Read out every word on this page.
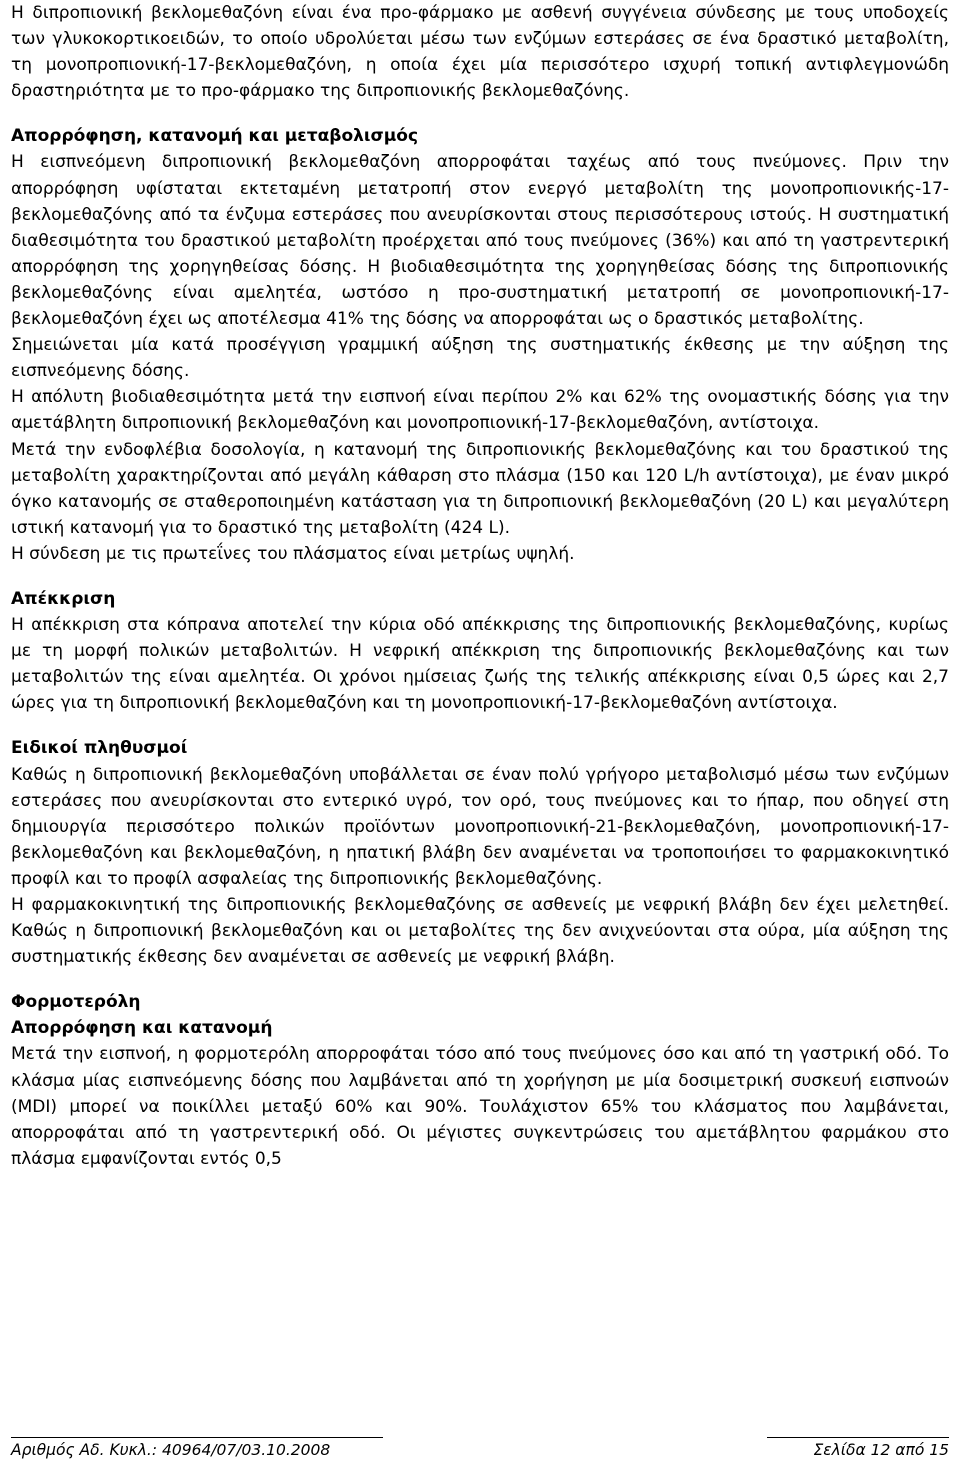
Η διπροπιονική βεκλομεθαζόνη είναι ένα προ-φάρμακο με ασθενή συγγένεια σύνδεσης με τους υποδοχείς των γλυκοκορτικοειδών, το οποίο υδρολύεται μέσω των ενζύμων εστεράσες σε ένα δραστικό μεταβολίτη, τη μονοπροπιονική-17-βεκλομεθαζόνη, η οποία έχει μία περισσότερο ισχυρή τοπική αντιφλεγμονώδη δραστηριότητα με το προ-φάρμακο της διπροπιονικής βεκλομεθαζόνης.

Απορρόφηση, κατανομή και μεταβολισμός

Η εισπνεόμενη διπροπιονική βεκλομεθαζόνη απορροφάται ταχέως από τους πνεύμονες. Πριν την απορρόφηση υφίσταται εκτεταμένη μετατροπή στον ενεργό μεταβολίτη της μονοπροπιονικής-17-βεκλομεθαζόνης από τα ένζυμα εστεράσες που ανευρίσκονται στους περισσότερους ιστούς. Η συστηματική διαθεσιμότητα του δραστικού μεταβολίτη προέρχεται από τους πνεύμονες (36%) και από τη γαστρεντερική απορρόφηση της χορηγηθείσας δόσης. Η βιοδιαθεσιμότητα της χορηγηθείσας δόσης της διπροπιονικής βεκλομεθαζόνης είναι αμελητέα, ωστόσο η προ-συστηματική μετατροπή σε μονοπροπιονική-17-βεκλομεθαζόνη έχει ως αποτέλεσμα 41% της δόσης να απορροφάται ως ο δραστικός μεταβολίτης.

Σημειώνεται μία κατά προσέγγιση γραμμική αύξηση της συστηματικής έκθεσης με την αύξηση της εισπνεόμενης δόσης.

Η απόλυτη βιοδιαθεσιμότητα μετά την εισπνοή είναι περίπου 2% και 62% της ονομαστικής δόσης για την αμετάβλητη διπροπιονική βεκλομεθαζόνη και μονοπροπιονική-17-βεκλομεθαζόνη, αντίστοιχα.

Μετά την ενδοφλέβια δοσολογία, η κατανομή της διπροπιονικής βεκλομεθαζόνης και του δραστικού της μεταβολίτη χαρακτηρίζονται από μεγάλη κάθαρση στο πλάσμα (150 και 120 L/h αντίστοιχα), με έναν μικρό όγκο κατανομής σε σταθεροποιημένη κατάσταση για τη διπροπιονική βεκλομεθαζόνη (20 L) και μεγαλύτερη ιστική κατανομή για το δραστικό της μεταβολίτη (424 L).

Η σύνδεση με τις πρωτεΐνες του πλάσματος είναι μετρίως υψηλή.

Απέκκριση

Η απέκκριση στα κόπρανα αποτελεί την κύρια οδό απέκκρισης της διπροπιονικής βεκλομεθαζόνης, κυρίως με τη μορφή πολικών μεταβολιτών. Η νεφρική απέκκριση της διπροπιονικής βεκλομεθαζόνης και των μεταβολιτών της είναι αμελητέα. Οι χρόνοι ημίσειας ζωής της τελικής απέκκρισης είναι 0,5 ώρες και 2,7 ώρες για τη διπροπιονική βεκλομεθαζόνη και τη μονοπροπιονική-17-βεκλομεθαζόνη αντίστοιχα.

Ειδικοί πληθυσμοί

Καθώς η διπροπιονική βεκλομεθαζόνη υποβάλλεται σε έναν πολύ γρήγορο μεταβολισμό μέσω των ενζύμων εστεράσες που ανευρίσκονται στο εντερικό υγρό, τον ορό, τους πνεύμονες και το ήπαρ, που οδηγεί στη δημιουργία περισσότερο πολικών προϊόντων μονοπροπιονική-21-βεκλομεθαζόνη, μονοπροπιονική-17-βεκλομεθαζόνη και βεκλομεθαζόνη, η ηπατική βλάβη δεν αναμένεται να τροποποιήσει το φαρμακοκινητικό προφίλ και το προφίλ ασφαλείας της διπροπιονικής βεκλομεθαζόνης.

Η φαρμακοκινητική της διπροπιονικής βεκλομεθαζόνης σε ασθενείς με νεφρική βλάβη δεν έχει μελετηθεί. Καθώς η διπροπιονική βεκλομεθαζόνη και οι μεταβολίτες της δεν ανιχνεύονται στα ούρα, μία αύξηση της συστηματικής έκθεσης δεν αναμένεται σε ασθενείς με νεφρική βλάβη.

Φορμοτερόλη

Απορρόφηση και κατανομή

Μετά την εισπνοή, η φορμοτερόλη απορροφάται τόσο από τους πνεύμονες όσο και από τη γαστρική οδό. Το κλάσμα μίας εισπνεόμενης δόσης που λαμβάνεται από τη χορήγηση με μία δοσιμετρική συσκευή εισπνοών (MDI) μπορεί να ποικίλλει μεταξύ 60% και 90%. Τουλάχιστον 65% του κλάσματος που λαμβάνεται, απορροφάται από τη γαστρεντερική οδό. Οι μέγιστες συγκεντρώσεις του αμετάβλητου φαρμάκου στο πλάσμα εμφανίζονται εντός 0,5

Αριθμός Αδ. Κυκλ.: 40964/07/03.10.2008	Σελίδα 12 από 15
